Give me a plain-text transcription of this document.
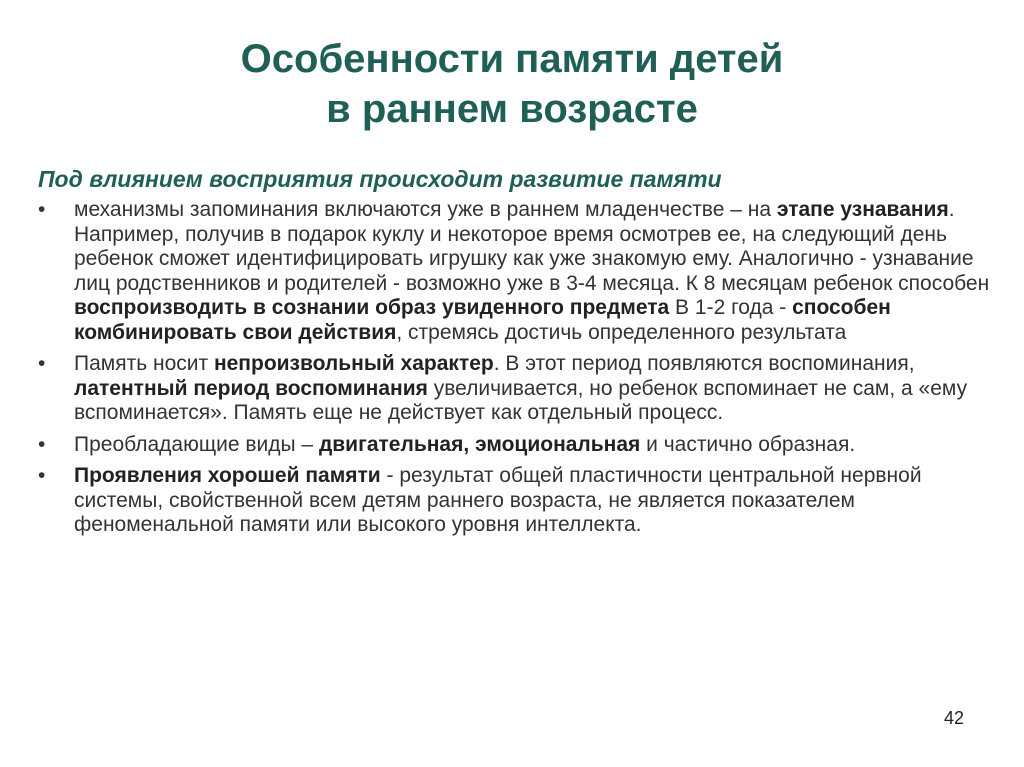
Особенности памяти детей
в раннем возрасте
Под влиянием восприятия происходит развитие памяти
• механизмы запоминания включаются уже в раннем младенчестве – на этапе узнавания. Например, получив в подарок куклу и некоторое время осмотрев ее, на следующий день ребенок сможет идентифицировать игрушку как уже знакомую ему. Аналогично - узнавание лиц родственников и родителей - возможно уже в 3-4 месяца. К 8 месяцам ребенок способен воспроизводить в сознании образ увиденного предмета В 1-2 года - способен комбинировать свои действия, стремясь достичь определенного результата
• Память носит непроизвольный характер. В этот период появляются воспоминания, латентный период воспоминания увеличивается, но ребенок вспоминает не сам, а «ему вспоминается». Память еще не действует как отдельный процесс.
• Преобладающие виды – двигательная, эмоциональная и частично образная.
• Проявления хорошей памяти - результат общей пластичности центральной нервной системы, свойственной всем детям раннего возраста, не является показателем феноменальной памяти или высокого уровня интеллекта.
42
